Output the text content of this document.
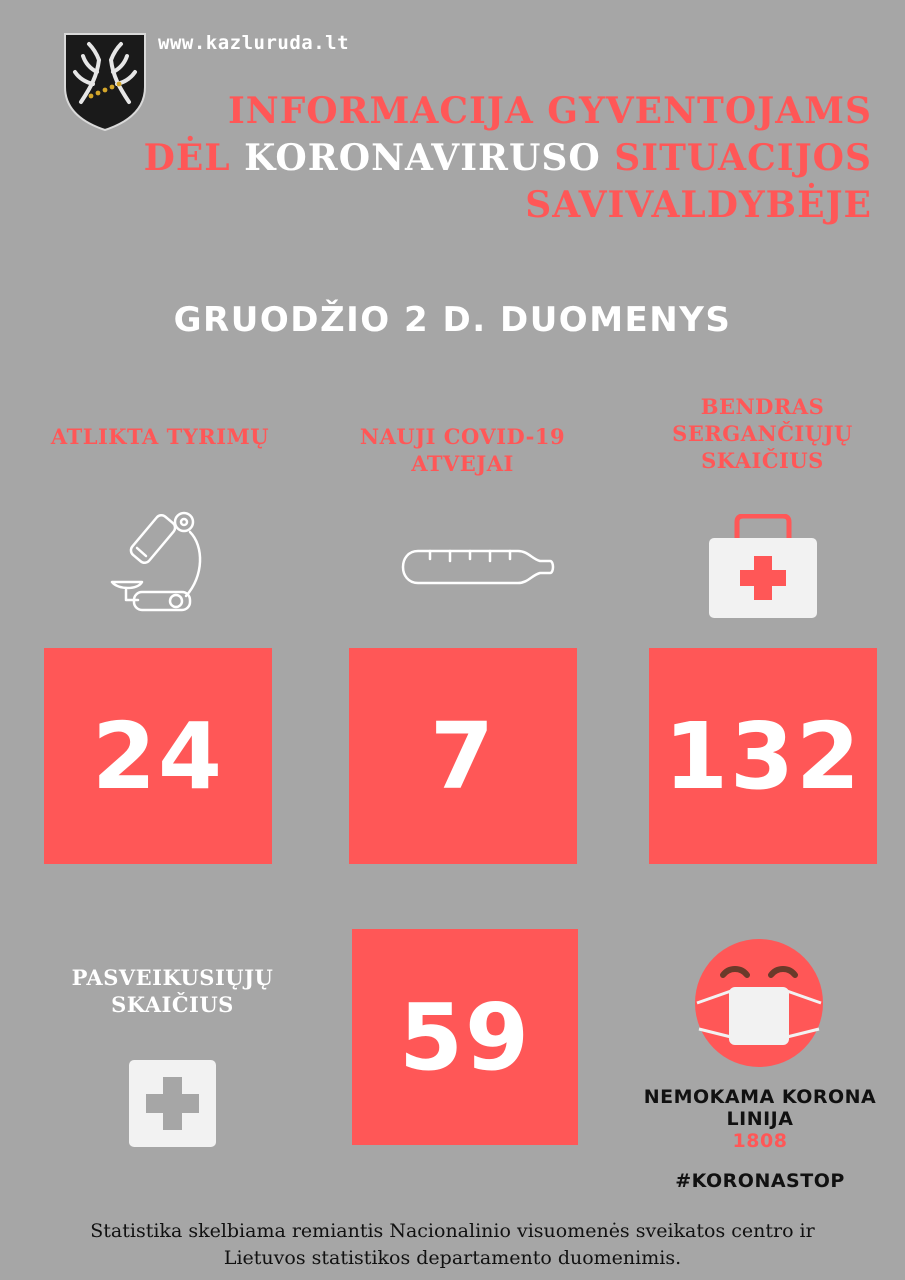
www.kazluruda.lt
INFORMACIJA GYVENTOJAMS
DĖL KORONAVIRUSO SITUACIJOS
SAVIVALDYBĖJE
GRUODŽIO 2 D. DUOMENYS
ATLIKTA TYRIMŲ
24
NAUJI COVID-19
ATVEJAI
7
BENDRAS
SERGANČIŲJŲ
SKAIČIUS
132
PASVEIKUSIŲJŲ
SKAIČIUS	59
NEMOKAMA KORONA
LINIJA
1808
#KORONASTOP
Statistika skelbiama remiantis Nacionalinio visuomenės sveikatos centro ir
Lietuvos statistikos departamento duomenimis.
